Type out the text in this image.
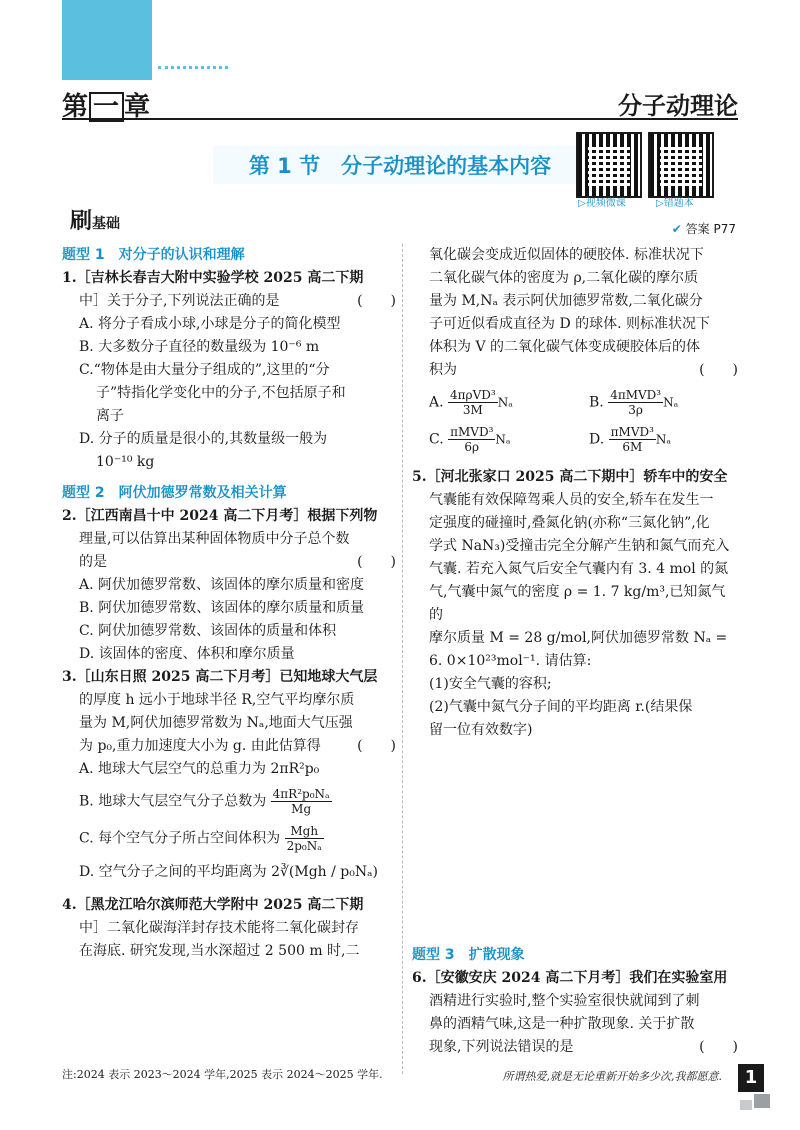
第 一 章	分子动理论
第 1 节　分子动理论的基本内容
▷视频微课	▷错题本
刷基础	✔ 答案 P77
题型 1　对分子的认识和理解
1.［吉林长春吉大附中实验学校 2025 高二下期
中］关于分子,下列说法正确的是	(　　)
A. 将分子看成小球,小球是分子的简化模型
B. 大多数分子直径的数量级为 10⁻⁶ m
C.“物体是由大量分子组成的”,这里的“分
子”特指化学变化中的分子,不包括原子和
离子
D. 分子的质量是很小的,其数量级一般为
10⁻¹⁰ kg
题型 2　阿伏加德罗常数及相关计算
2.［江西南昌十中 2024 高二下月考］根据下列物
理量,可以估算出某种固体物质中分子总个数
的是	(　　)
A. 阿伏加德罗常数、该固体的摩尔质量和密度
B. 阿伏加德罗常数、该固体的摩尔质量和质量
C. 阿伏加德罗常数、该固体的质量和体积
D. 该固体的密度、体积和摩尔质量
3.［山东日照 2025 高二下月考］已知地球大气层
的厚度 h 远小于地球半径 R,空气平均摩尔质
量为 M,阿伏加德罗常数为 Nₐ,地面大气压强
为 p₀,重力加速度大小为 g. 由此估算得	(　　)
A. 地球大气层空气的总重力为 2πR²p₀
B. 地球大气层空气分子总数为 $\frac{\text{4πR²p₀Nₐ}}{Mg}$
C. 每个空气分子所占空间体积为 $\frac{\text{Mgh}}{\text{2p₀Nₐ}}$
D. 空气分子之间的平均距离为 2∛(Mgh / p₀Nₐ)
4.［黑龙江哈尔滨师范大学附中 2025 高二下期
中］二氧化碳海洋封存技术能将二氧化碳封存
在海底. 研究发现,当水深超过 2 500 m 时,二
氧化碳会变成近似固体的硬胶体. 标准状况下
二氧化碳气体的密度为 ρ,二氧化碳的摩尔质
量为 M,Nₐ 表示阿伏加德罗常数,二氧化碳分
子可近似看成直径为 D 的球体. 则标准状况下
体积为 V 的二氧化碳气体变成硬胶体后的体
积为	(　　)
A. $\frac{\text{4πρVD³}}{3M}$ Nₐ	B. $\frac{\text{4πMVD³}}{3\rho}$ Nₐ
C. $\frac{\text{πMVD³}}{6\rho}$ Nₐ	D. $\frac{\text{πMVD³}}{6M}$ Nₐ
5.［河北张家口 2025 高二下期中］轿车中的安全
气囊能有效保障驾乘人员的安全,轿车在发生一
定强度的碰撞时,叠氮化钠(亦称“三氮化钠”,化
学式 NaN₃)受撞击完全分解产生钠和氮气而充入
气囊. 若充入氮气后安全气囊内有 3. 4 mol 的氮
气,气囊中氮气的密度 ρ = 1. 7 kg/m³,已知氮气的
摩尔质量 M = 28 g/mol,阿伏加德罗常数 Nₐ =
6. 0×10²³mol⁻¹. 请估算:
(1)安全气囊的容积;
(2)气囊中氮气分子间的平均距离 r.(结果保
留一位有效数字)
题型 3　扩散现象
6.［安徽安庆 2024 高二下月考］我们在实验室用
酒精进行实验时,整个实验室很快就闻到了刺
鼻的酒精气味,这是一种扩散现象. 关于扩散
现象,下列说法错误的是	(　　)
注:2024 表示 2023～2024 学年,2025 表示 2024～2025 学年.	所谓热爱,就是无论重新开始多少次,我都愿意.	1
